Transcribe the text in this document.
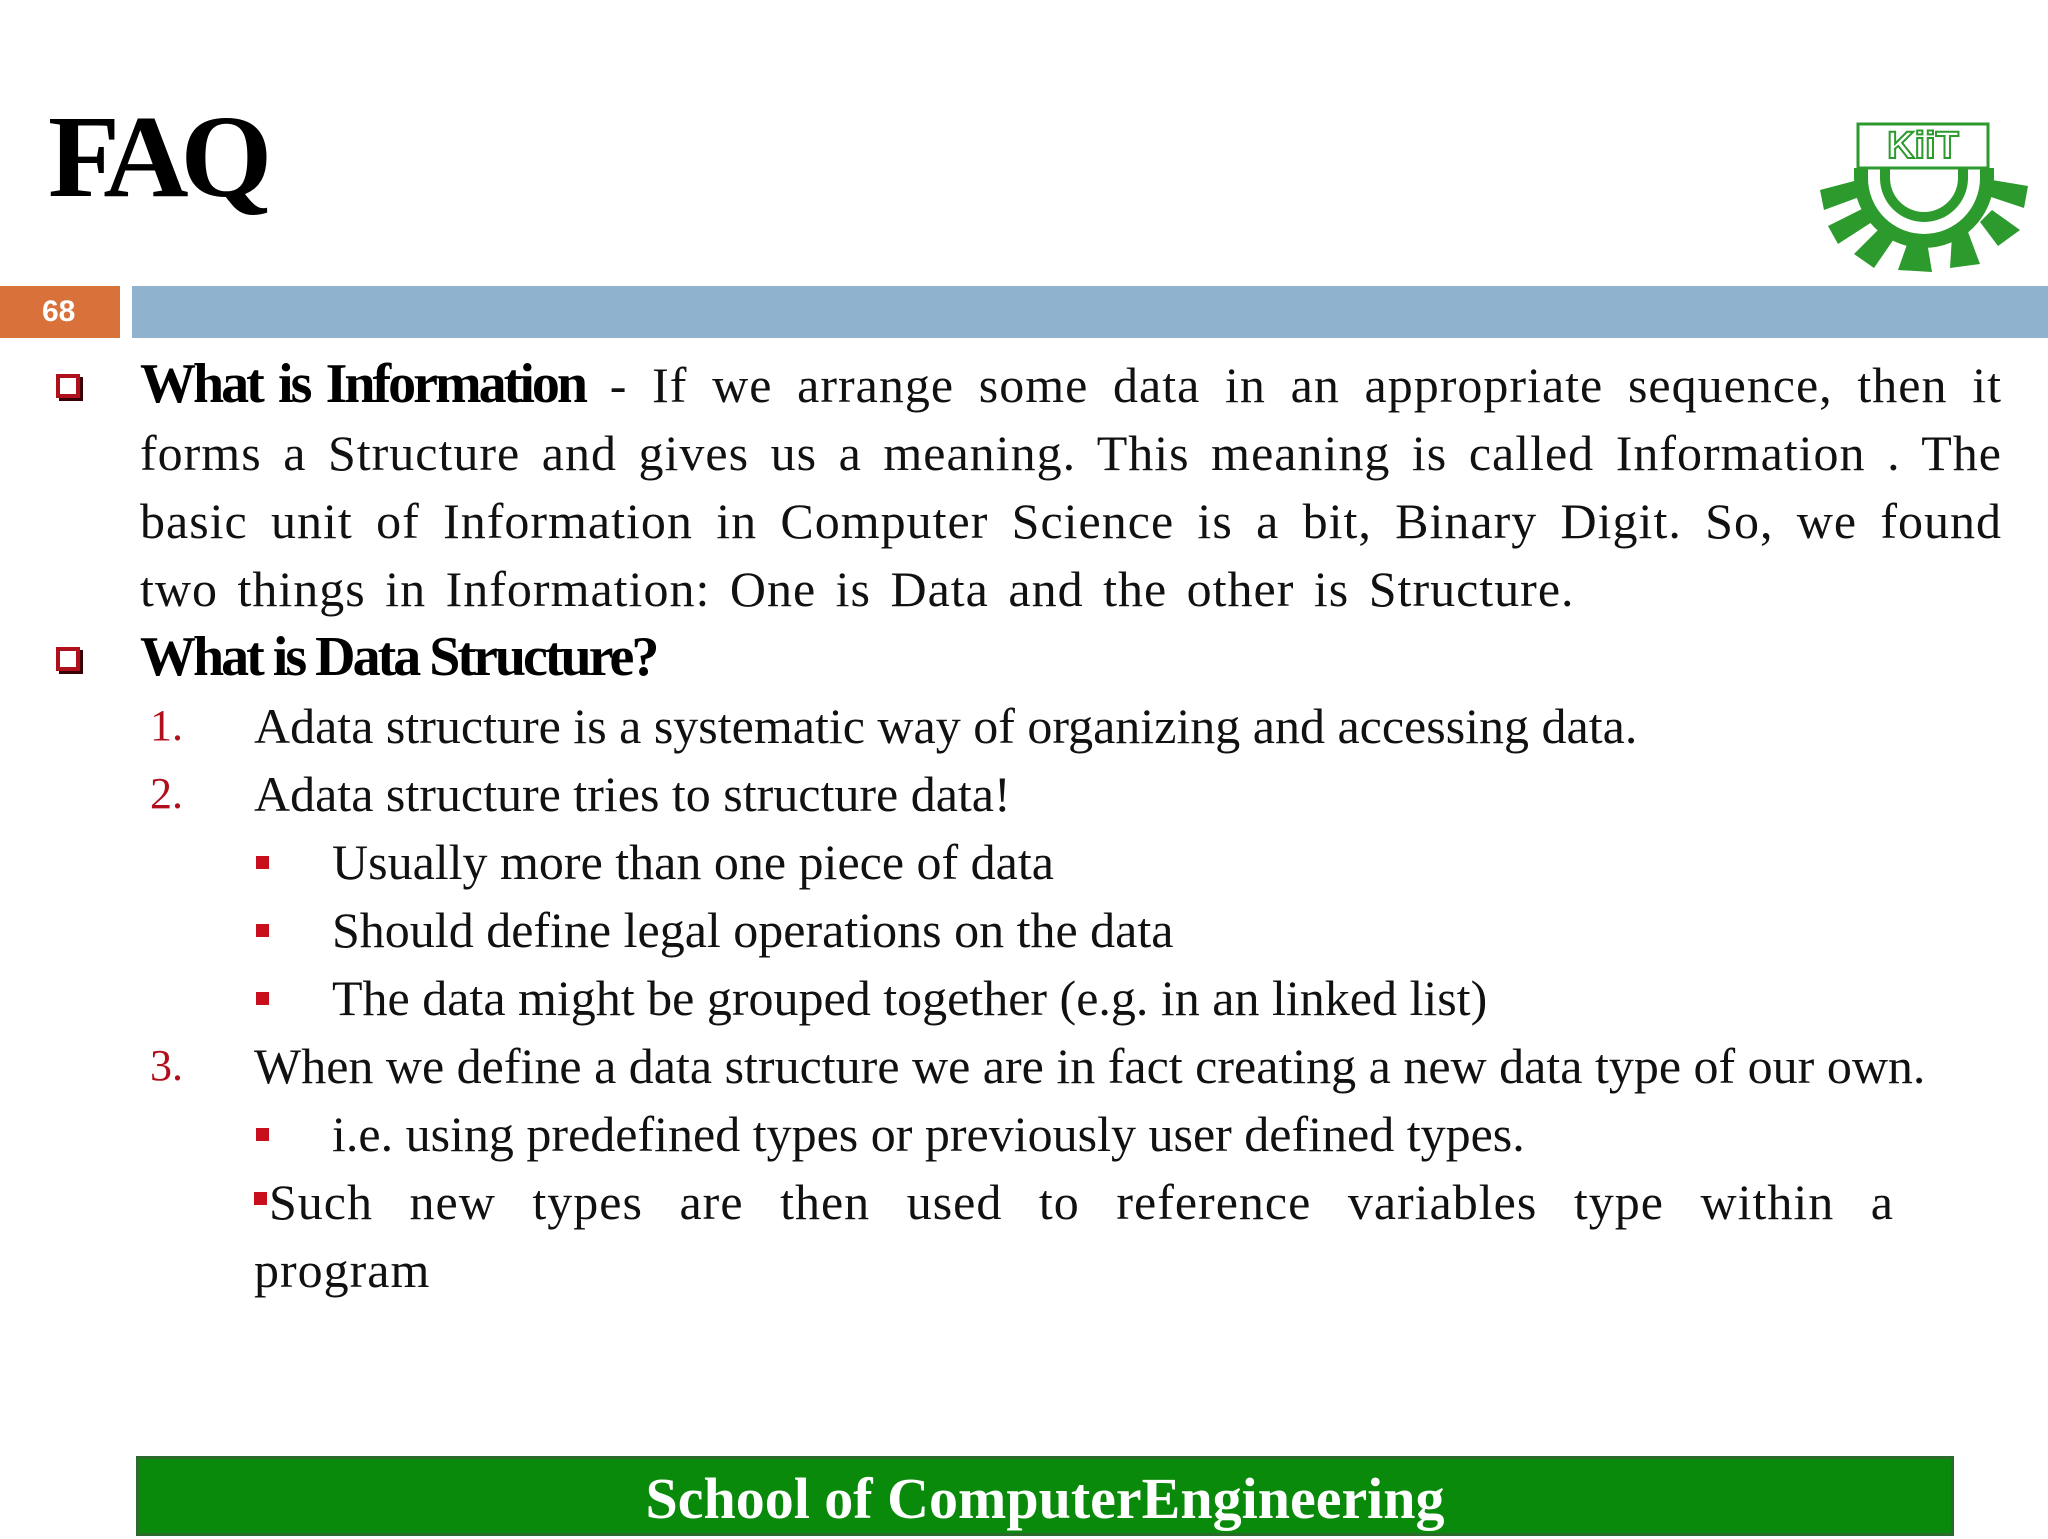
FAQ	KiiT
68
What is Information - If we arrange some data in an appropriate sequence, then it forms a Structure and gives us a meaning. This meaning is called Information . The basic unit of Information in Computer Science is a bit, Binary Digit. So, we found two things in Information: One is Data and the other is Structure.
What is Data Structure?
1. Adata structure is a systematic way of organizing and accessing data.
2. Adata structure tries to structure data!
Usually more than one piece of data
Should define legal operations on the data
The data might be grouped together (e.g. in an linked list)
3. When we define a data structure we are in fact creating a new data type of our own.
i.e. using predefined types or previously user defined types.
Such new types are then used to reference variables type within a program
School of ComputerEngineering
